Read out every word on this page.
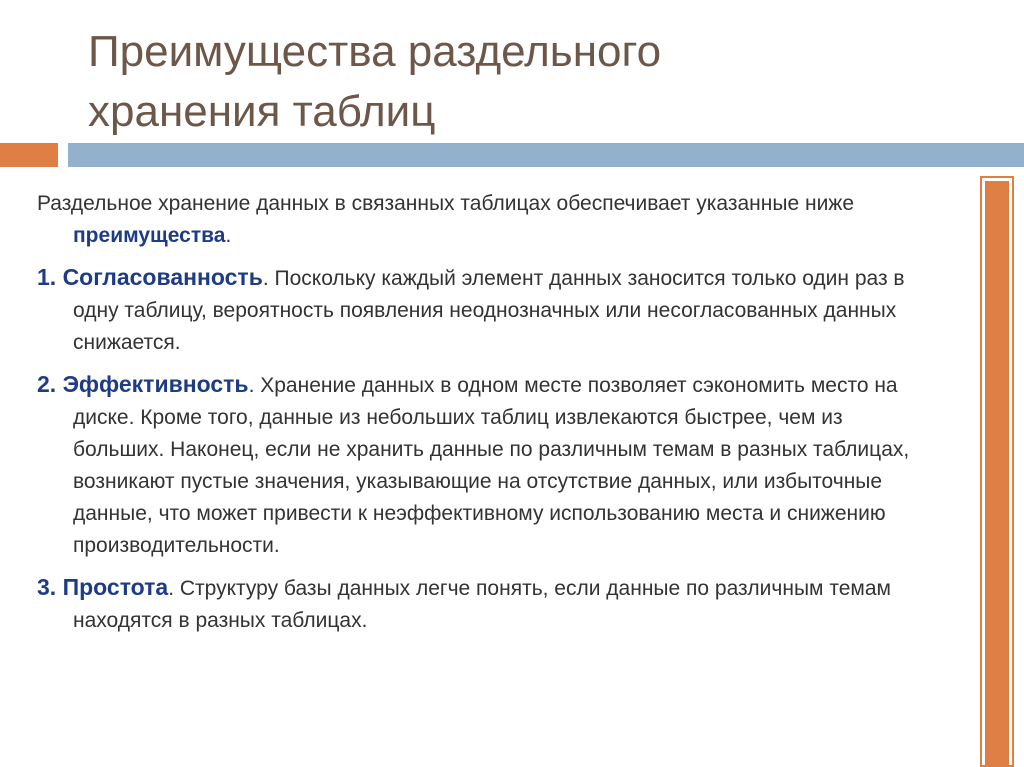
Преимущества раздельного
хранения таблиц

Раздельное хранение данных в связанных таблицах обеспечивает указанные ниже преимущества.

1. Согласованность. Поскольку каждый элемент данных заносится только один раз в одну таблицу, вероятность появления неоднозначных или несогласованных данных снижается.

2. Эффективность. Хранение данных в одном месте позволяет сэкономить место на диске. Кроме того, данные из небольших таблиц извлекаются быстрее, чем из больших. Наконец, если не хранить данные по различным темам в разных таблицах, возникают пустые значения, указывающие на отсутствие данных, или избыточные данные, что может привести к неэффективному использованию места и снижению производительности.

3. Простота. Структуру базы данных легче понять, если данные по различным темам находятся в разных таблицах.
